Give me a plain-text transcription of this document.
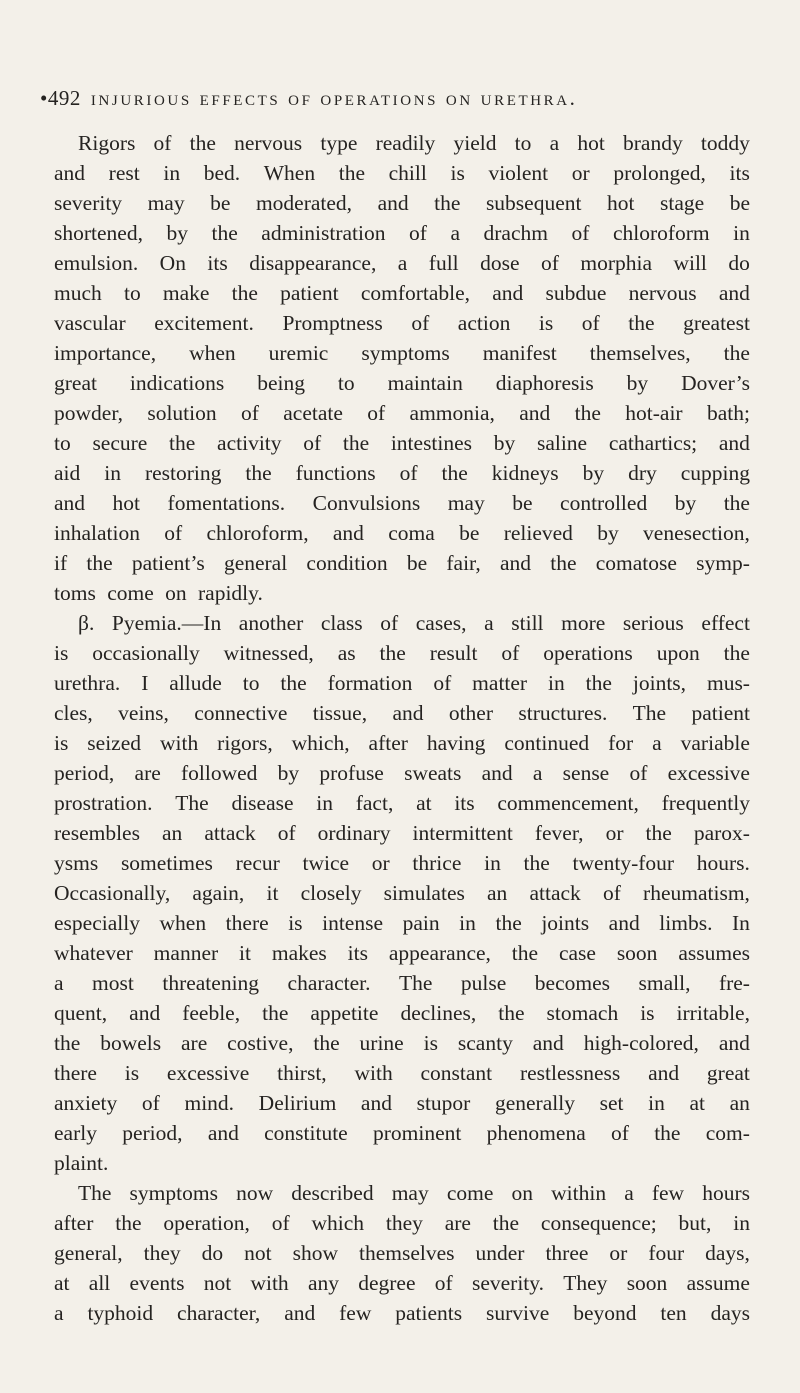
•492 injurious effects of operations on urethra.
Rigors of the nervous type readily yield to a hot brandy toddy
and rest in bed. When the chill is violent or prolonged, its
severity may be moderated, and the subsequent hot stage be
shortened, by the administration of a drachm of chloroform in
emulsion. On its disappearance, a full dose of morphia will do
much to make the patient comfortable, and subdue nervous and
vascular excitement. Promptness of action is of the greatest
importance, when uremic symptoms manifest themselves, the
great indications being to maintain diaphoresis by Dover’s
powder, solution of acetate of ammonia, and the hot-air bath;
to secure the activity of the intestines by saline cathartics; and
aid in restoring the functions of the kidneys by dry cupping
and hot fomentations. Convulsions may be controlled by the
inhalation of chloroform, and coma be relieved by venesection,
if the patient’s general condition be fair, and the comatose symp-
toms come on rapidly.
β. Pyemia.—In another class of cases, a still more serious effect
is occasionally witnessed, as the result of operations upon the
urethra. I allude to the formation of matter in the joints, mus-
cles, veins, connective tissue, and other structures. The patient
is seized with rigors, which, after having continued for a variable
period, are followed by profuse sweats and a sense of excessive
prostration. The disease in fact, at its commencement, frequently
resembles an attack of ordinary intermittent fever, or the parox-
ysms sometimes recur twice or thrice in the twenty-four hours.
Occasionally, again, it closely simulates an attack of rheumatism,
especially when there is intense pain in the joints and limbs. In
whatever manner it makes its appearance, the case soon assumes
a most threatening character. The pulse becomes small, fre-
quent, and feeble, the appetite declines, the stomach is irritable,
the bowels are costive, the urine is scanty and high-colored, and
there is excessive thirst, with constant restlessness and great
anxiety of mind. Delirium and stupor generally set in at an
early period, and constitute prominent phenomena of the com-
plaint.
The symptoms now described may come on within a few hours
after the operation, of which they are the consequence; but, in
general, they do not show themselves under three or four days,
at all events not with any degree of severity. They soon assume
a typhoid character, and few patients survive beyond ten days
